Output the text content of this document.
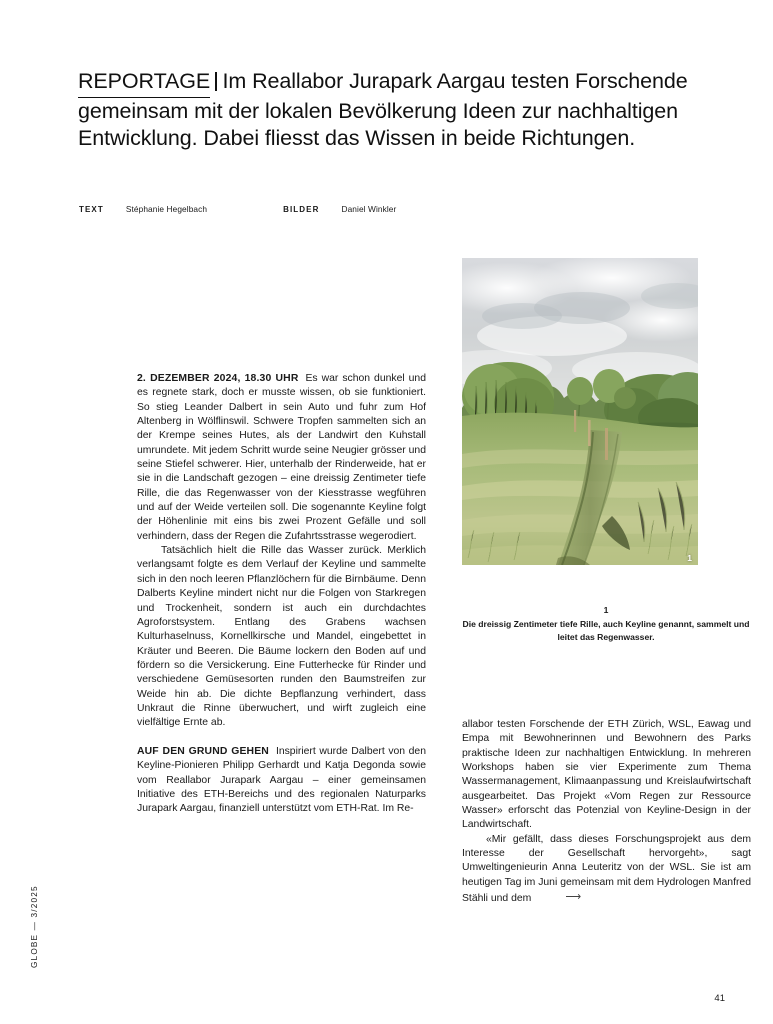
REPORTAGE Im Reallabor Jurapark Aargau testen Forschende gemeinsam mit der lokalen Bevölkerung Ideen zur nachhaltigen Entwicklung. Dabei fliesst das Wissen in beide Richtungen.
TEXT	Stéphanie Hegelbach	BILDER	Daniel Winkler
GLOBE — 3/2025
1
1
Die dreissig Zentimeter tiefe Rille, auch Keyline genannt, sammelt und leitet das Regenwasser.

2. DEZEMBER 2024, 18.30 UHR Es war schon dunkel und es regnete stark, doch er musste wissen, ob sie funktioniert. So stieg Leander Dalbert in sein Auto und fuhr zum Hof Altenberg in Wölflinswil. Schwere Tropfen sammelten sich an der Krempe seines Hutes, als der Landwirt den Kuhstall umrundete. Mit jedem Schritt wurde seine Neugier grösser und seine Stiefel schwerer. Hier, unterhalb der Rinderweide, hat er sie in die Landschaft gezogen – eine dreissig Zentimeter tiefe Rille, die das Regenwasser von der Kiesstrasse wegführen und auf der Weide verteilen soll. Die sogenannte Keyline folgt der Höhenlinie mit eins bis zwei Prozent Gefälle und soll verhindern, dass der Regen die Zufahrtsstrasse wegerodiert.

Tatsächlich hielt die Rille das Wasser zurück. Merklich verlangsamt folgte es dem Verlauf der Keyline und sammelte sich in den noch leeren Pflanzlöchern für die Birnbäume. Denn Dalberts Keyline mindert nicht nur die Folgen von Starkregen und Trockenheit, sondern ist auch ein durchdachtes Agroforstsystem. Entlang des Grabens wachsen Kulturhaselnuss, Kornellkirsche und Mandel, eingebettet in Kräuter und Beeren. Die Bäume lockern den Boden auf und fördern so die Versickerung. Eine Futterhecke für Rinder und verschiedene Gemüsesorten runden den Baumstreifen zur Weide hin ab. Die dichte Bepflanzung verhindert, dass Unkraut die Rinne überwuchert, und wirft zugleich eine vielfältige Ernte ab.

AUF DEN GRUND GEHEN Inspiriert wurde Dalbert von den Keyline-Pionieren Philipp Gerhardt und Katja Degonda sowie vom Reallabor Jurapark Aargau – einer gemeinsamen Initiative des ETH-Bereichs und des regionalen Naturparks Jurapark Aargau, finanziell unterstützt vom ETH-Rat. Im Re-

allabor testen Forschende der ETH Zürich, WSL, Eawag und Empa mit Bewohnerinnen und Bewohnern des Parks praktische Ideen zur nachhaltigen Entwicklung. In mehreren Workshops haben sie vier Experimente zum Thema Wassermanagement, Klimaanpassung und Kreislaufwirtschaft ausgearbeitet. Das Projekt «Vom Regen zur Ressource Wasser» erforscht das Potenzial von Keyline-Design in der Landwirtschaft.

«Mir gefällt, dass dieses Forschungsprojekt aus dem Interesse der Gesellschaft hervorgeht», sagt Umweltingenieurin Anna Leuteritz von der WSL. Sie ist am heutigen Tag im Juni gemeinsam mit dem Hydrologen Manfred Stähli und dem	⟶

41
